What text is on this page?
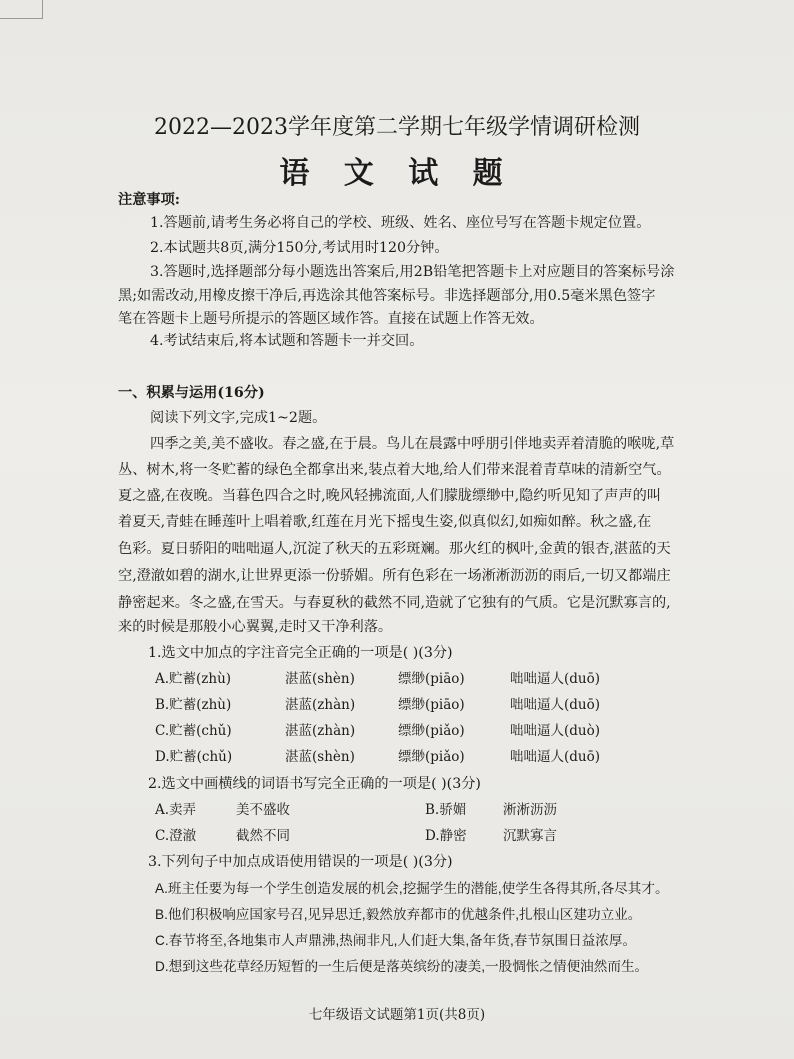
2022—2023学年度第二学期七年级学情调研检测
语 文 试 题
注意事项:
1.答题前,请考生务必将自己的学校、班级、姓名、座位号写在答题卡规定位置。
2.本试题共8页,满分150分,考试用时120分钟。
3.答题时,选择题部分每小题选出答案后,用2B铅笔把答题卡上对应题目的答案标号涂
黑;如需改动,用橡皮擦干净后,再选涂其他答案标号。非选择题部分,用0.5毫米黑色签字
笔在答题卡上题号所提示的答题区域作答。直接在试题上作答无效。
4.考试结束后,将本试题和答题卡一并交回。
一、积累与运用(16分)
阅读下列文字,完成1~2题。
四季之美,美不盛收。春之盛,在于晨。鸟儿在晨露中呼朋引伴地卖弄着清脆的喉咙,草
丛、树木,将一冬贮蓄的绿色全都拿出来,装点着大地,给人们带来混着青草味的清新空气。
夏之盛,在夜晚。当暮色四合之时,晚风轻拂流面,人们朦胧缥缈中,隐约听见知了声声的叫
着夏天,青蛙在睡莲叶上唱着歌,红莲在月光下摇曳生姿,似真似幻,如痴如醉。秋之盛,在
色彩。夏日骄阳的咄咄逼人,沉淀了秋天的五彩斑斓。那火红的枫叶,金黄的银杏,湛蓝的天
空,澄澈如碧的湖水,让世界更添一份骄媚。所有色彩在一场淅淅沥沥的雨后,一切又都端庄
静密起来。冬之盛,在雪天。与春夏秋的截然不同,造就了它独有的气质。它是沉默寡言的,
来的时候是那般小心翼翼,走时又干净利落。
1.选文中加点的字注音完全正确的一项是( )(3分)
A.贮蓄(zhù)	湛蓝(shèn)	缥缈(piāo)	咄咄逼人(duō)
B.贮蓄(zhù)	湛蓝(zhàn)	缥缈(piāo)	咄咄逼人(duō)
C.贮蓄(chǔ)	湛蓝(zhàn)	缥缈(piǎo)	咄咄逼人(duò)
D.贮蓄(chǔ)	湛蓝(shèn)	缥缈(piǎo)	咄咄逼人(duō)
2.选文中画横线的词语书写完全正确的一项是( )(3分)
A.卖弄	美不盛收	B.骄媚	淅淅沥沥
C.澄澈	截然不同	D.静密	沉默寡言
3.下列句子中加点成语使用错误的一项是( )(3分)
A.班主任要为每一个学生创造发展的机会,挖掘学生的潜能,使学生各得其所,各尽其才。
B.他们积极响应国家号召,见异思迁,毅然放弃都市的优越条件,扎根山区建功立业。
C.春节将至,各地集市人声鼎沸,热闹非凡,人们赶大集,备年货,春节氛围日益浓厚。
D.想到这些花草经历短暂的一生后便是落英缤纷的凄美,一股惆怅之情便油然而生。
七年级语文试题第1页(共8页)
